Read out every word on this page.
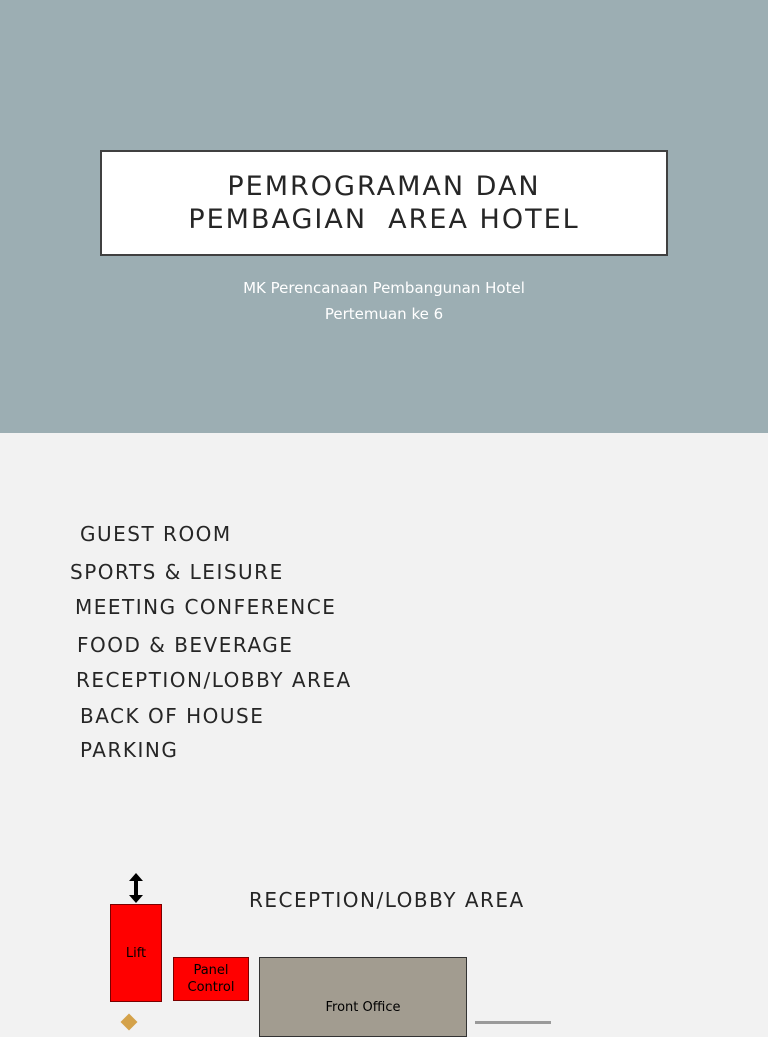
PEMROGRAMAN DAN
PEMBAGIAN  AREA HOTEL
MK Perencanaan Pembangunan Hotel
Pertemuan ke 6
GUEST ROOM
SPORTS & LEISURE
MEETING CONFERENCE
FOOD & BEVERAGE
RECEPTION/LOBBY AREA
BACK OF HOUSE
PARKING
RECEPTION/LOBBY AREA
Lift
Panel
Control
Front Office
